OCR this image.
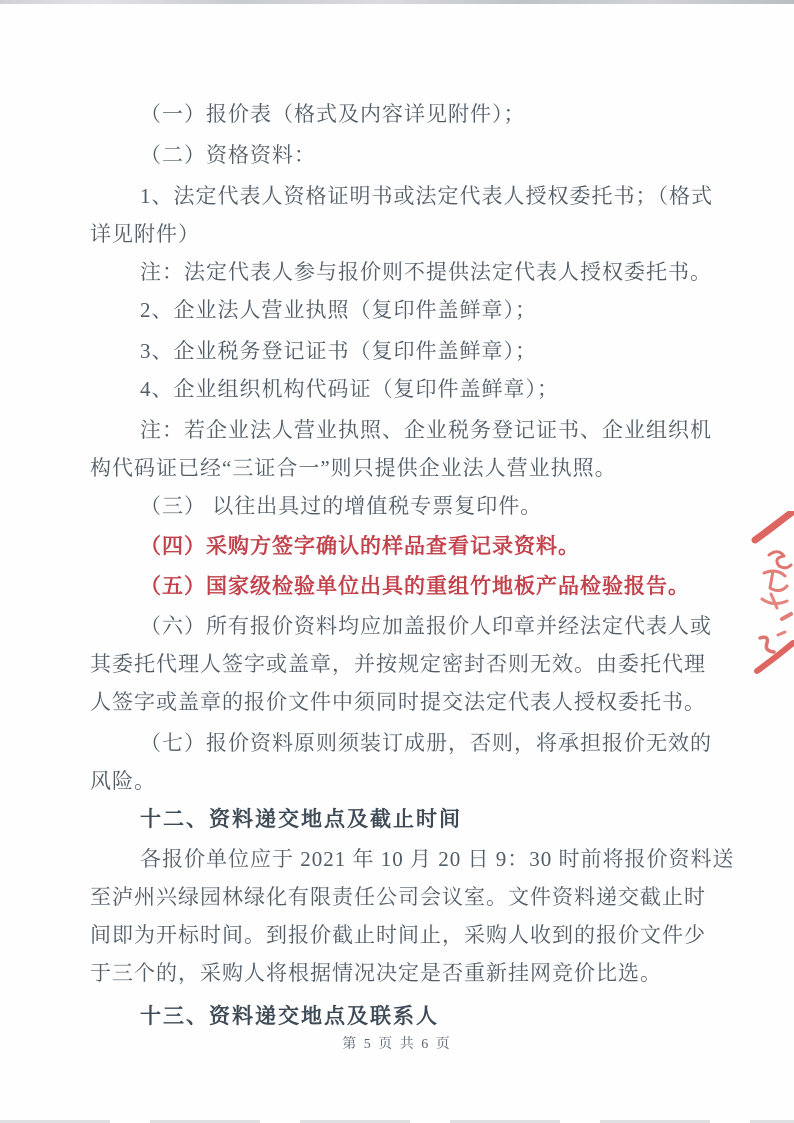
（一）报价表（格式及内容详见附件）；
（二）资格资料：
1、法定代表人资格证明书或法定代表人授权委托书；（格式
详见附件）
注：法定代表人参与报价则不提供法定代表人授权委托书。
2、企业法人营业执照（复印件盖鲜章）；
3、企业税务登记证书（复印件盖鲜章）；
4、企业组织机构代码证（复印件盖鲜章）；
注：若企业法人营业执照、企业税务登记证书、企业组织机
构代码证已经“三证合一”则只提供企业法人营业执照。
（三） 以往出具过的增值税专票复印件。
（四）采购方签字确认的样品查看记录资料。
（五）国家级检验单位出具的重组竹地板产品检验报告。
（六）所有报价资料均应加盖报价人印章并经法定代表人或
其委托代理人签字或盖章，并按规定密封否则无效。由委托代理
人签字或盖章的报价文件中须同时提交法定代表人授权委托书。
（七）报价资料原则须装订成册，否则，将承担报价无效的
风险。
十二、资料递交地点及截止时间
各报价单位应于 2021 年 10 月 20 日 9：30 时前将报价资料送
至泸州兴绿园林绿化有限责任公司会议室。文件资料递交截止时
间即为开标时间。到报价截止时间止，采购人收到的报价文件少
于三个的，采购人将根据情况决定是否重新挂网竞价比选。
十三、资料递交地点及联系人
第 5 页 共 6 页
